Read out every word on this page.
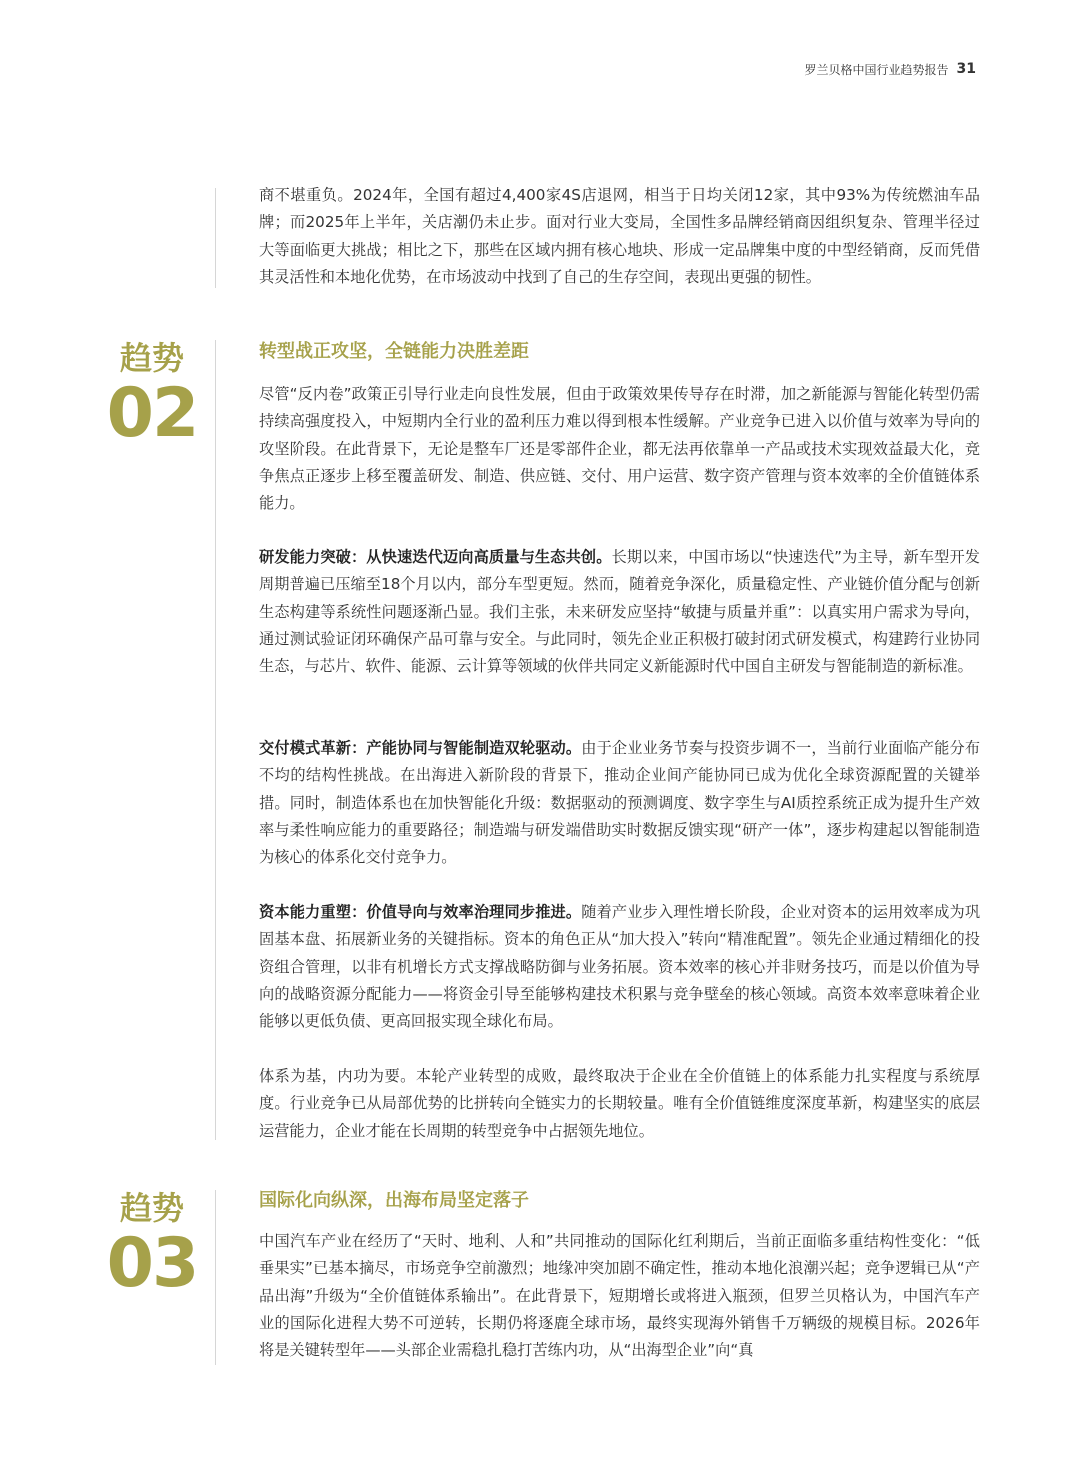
罗兰贝格中国行业趋势报告 31

商不堪重负。2024年，全国有超过4,400家4S店退网，相当于日均关闭12家，其中93%为传统燃油车品牌；而2025年上半年，关店潮仍未止步。面对行业大变局，全国性多品牌经销商因组织复杂、管理半径过大等面临更大挑战；相比之下，那些在区域内拥有核心地块、形成一定品牌集中度的中型经销商，反而凭借其灵活性和本地化优势，在市场波动中找到了自己的生存空间，表现出更强的韧性。

趋势
02
转型战正攻坚，全链能力决胜差距

尽管“反内卷”政策正引导行业走向良性发展，但由于政策效果传导存在时滞，加之新能源与智能化转型仍需持续高强度投入，中短期内全行业的盈利压力难以得到根本性缓解。产业竞争已进入以价值与效率为导向的攻坚阶段。在此背景下，无论是整车厂还是零部件企业，都无法再依靠单一产品或技术实现效益最大化，竞争焦点正逐步上移至覆盖研发、制造、供应链、交付、用户运营、数字资产管理与资本效率的全价值链体系能力。

研发能力突破：从快速迭代迈向高质量与生态共创。长期以来，中国市场以“快速迭代”为主导，新车型开发周期普遍已压缩至18个月以内，部分车型更短。然而，随着竞争深化，质量稳定性、产业链价值分配与创新生态构建等系统性问题逐渐凸显。我们主张，未来研发应坚持“敏捷与质量并重”：以真实用户需求为导向，通过测试验证闭环确保产品可靠与安全。与此同时，领先企业正积极打破封闭式研发模式，构建跨行业协同生态，与芯片、软件、能源、云计算等领域的伙伴共同定义新能源时代中国自主研发与智能制造的新标准。

交付模式革新：产能协同与智能制造双轮驱动。由于企业业务节奏与投资步调不一，当前行业面临产能分布不均的结构性挑战。在出海进入新阶段的背景下，推动企业间产能协同已成为优化全球资源配置的关键举措。同时，制造体系也在加快智能化升级：数据驱动的预测调度、数字孪生与AI质控系统正成为提升生产效率与柔性响应能力的重要路径；制造端与研发端借助实时数据反馈实现“研产一体”，逐步构建起以智能制造为核心的体系化交付竞争力。

资本能力重塑：价值导向与效率治理同步推进。随着产业步入理性增长阶段，企业对资本的运用效率成为巩固基本盘、拓展新业务的关键指标。资本的角色正从“加大投入”转向“精准配置”。领先企业通过精细化的投资组合管理，以非有机增长方式支撑战略防御与业务拓展。资本效率的核心并非财务技巧，而是以价值为导向的战略资源分配能力——将资金引导至能够构建技术积累与竞争壁垒的核心领域。高资本效率意味着企业能够以更低负债、更高回报实现全球化布局。

体系为基，内功为要。本轮产业转型的成败，最终取决于企业在全价值链上的体系能力扎实程度与系统厚度。行业竞争已从局部优势的比拼转向全链实力的长期较量。唯有全价值链维度深度革新，构建坚实的底层运营能力，企业才能在长周期的转型竞争中占据领先地位。

趋势
03
国际化向纵深，出海布局坚定落子

中国汽车产业在经历了“天时、地利、人和”共同推动的国际化红利期后，当前正面临多重结构性变化：“低垂果实”已基本摘尽，市场竞争空前激烈；地缘冲突加剧不确定性，推动本地化浪潮兴起；竞争逻辑已从“产品出海”升级为“全价值链体系输出”。在此背景下，短期增长或将进入瓶颈，但罗兰贝格认为，中国汽车产业的国际化进程大势不可逆转，长期仍将逐鹿全球市场，最终实现海外销售千万辆级的规模目标。2026年将是关键转型年——头部企业需稳扎稳打苦练内功，从“出海型企业”向“真
